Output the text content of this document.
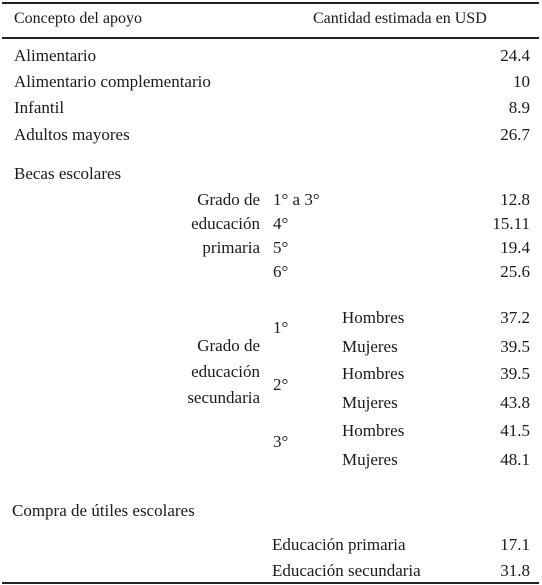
Concepto del apoyo	Cantidad estimada en USD
Alimentario	24.4
Alimentario complementario	10
Infantil	8.9
Adultos mayores	26.7
Becas escolares
Grado de
educación
primaria
1° a 3°	12.8
4°	15.11
5°	19.4
6°	25.6
Grado de
educación
secundaria
1°
Hombres	37.2
Mujeres	39.5
2°
Hombres	39.5
Mujeres	43.8
3°
Hombres	41.5
Mujeres	48.1
Compra de útiles escolares
Educación primaria	17.1
Educación secundaria	31.8
